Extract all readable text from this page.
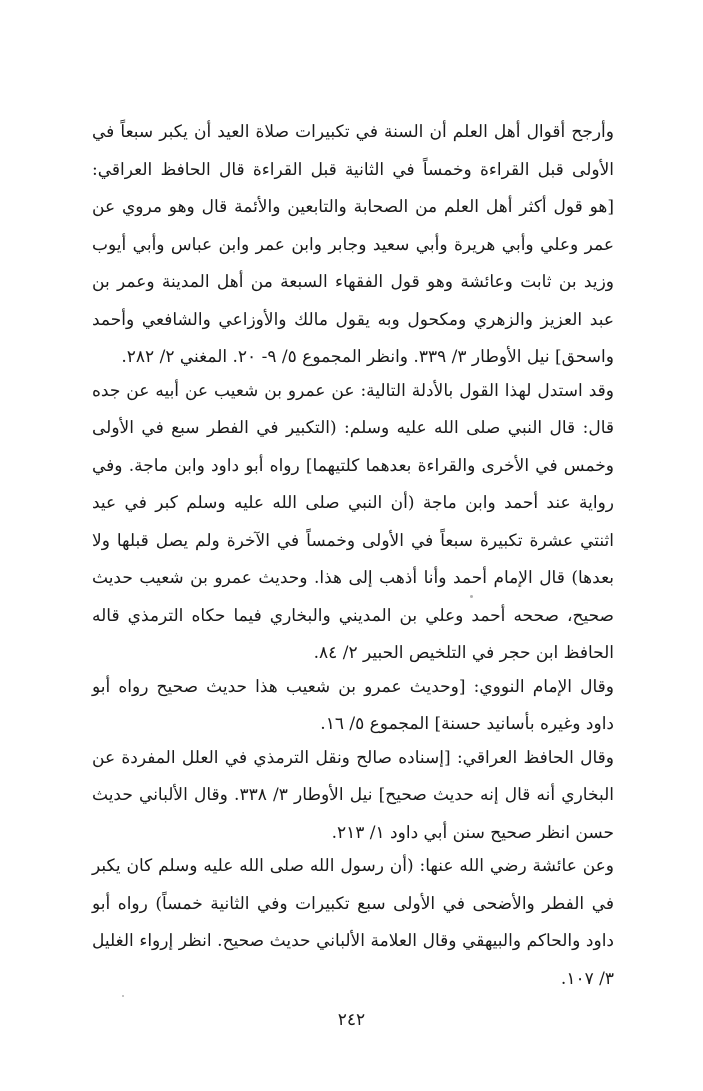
وأرجح أقوال أهل العلم أن السنة في تكبيرات صلاة العيد أن يكبر سبعاً في الأولى قبل القراءة وخمساً في الثانية قبل القراءة قال الحافظ العراقي: [هو قول أكثر أهل العلم من الصحابة والتابعين والأئمة قال وهو مروي عن عمر وعلي وأبي هريرة وأبي سعيد وجابر وابن عمر وابن عباس وأبي أيوب وزيد بن ثابت وعائشة وهو قول الفقهاء السبعة من أهل المدينة وعمر بن عبد العزيز والزهري ومكحول وبه يقول مالك والأوزاعي والشافعي وأحمد واسحق] نيل الأوطار ٣/ ٣٣٩. وانظر المجموع ٥/ ٩- ٢٠. المغني ٢/ ٢٨٢.

وقد استدل لهذا القول بالأدلة التالية: عن عمرو بن شعيب عن أبيه عن جده قال: قال النبي صلى الله عليه وسلم: (التكبير في الفطر سبع في الأولى وخمس في الأخرى والقراءة بعدهما كلتيهما] رواه أبو داود وابن ماجة. وفي رواية عند أحمد وابن ماجة (أن النبي صلى الله عليه وسلم كبر في عيد اثنتي عشرة تكبيرة سبعاً في الأولى وخمساً في الآخرة ولم يصل قبلها ولا بعدها) قال الإمام أحمد وأنا أذهب إلى هذا. وحديث عمرو بن شعيب حديث صحيح، صححه أحمد وعلي بن المديني والبخاري فيما حكاه الترمذي قاله الحافظ ابن حجر في التلخيص الحبير ٢/ ٨٤.

وقال الإمام النووي: [وحديث عمرو بن شعيب هذا حديث صحيح رواه أبو داود وغيره بأسانيد حسنة] المجموع ٥/ ١٦.

وقال الحافظ العراقي: [إسناده صالح ونقل الترمذي في العلل المفردة عن البخاري أنه قال إنه حديث صحيح] نيل الأوطار ٣/ ٣٣٨. وقال الألباني حديث حسن انظر صحيح سنن أبي داود ١/ ٢١٣.

وعن عائشة رضي الله عنها: (أن رسول الله صلى الله عليه وسلم كان يكبر في الفطر والأضحى في الأولى سبع تكبيرات وفي الثانية خمساً) رواه أبو داود والحاكم والبيهقي وقال العلامة الألباني حديث صحيح. انظر إرواء الغليل ٣/ ١٠٧.

٢٤٢
